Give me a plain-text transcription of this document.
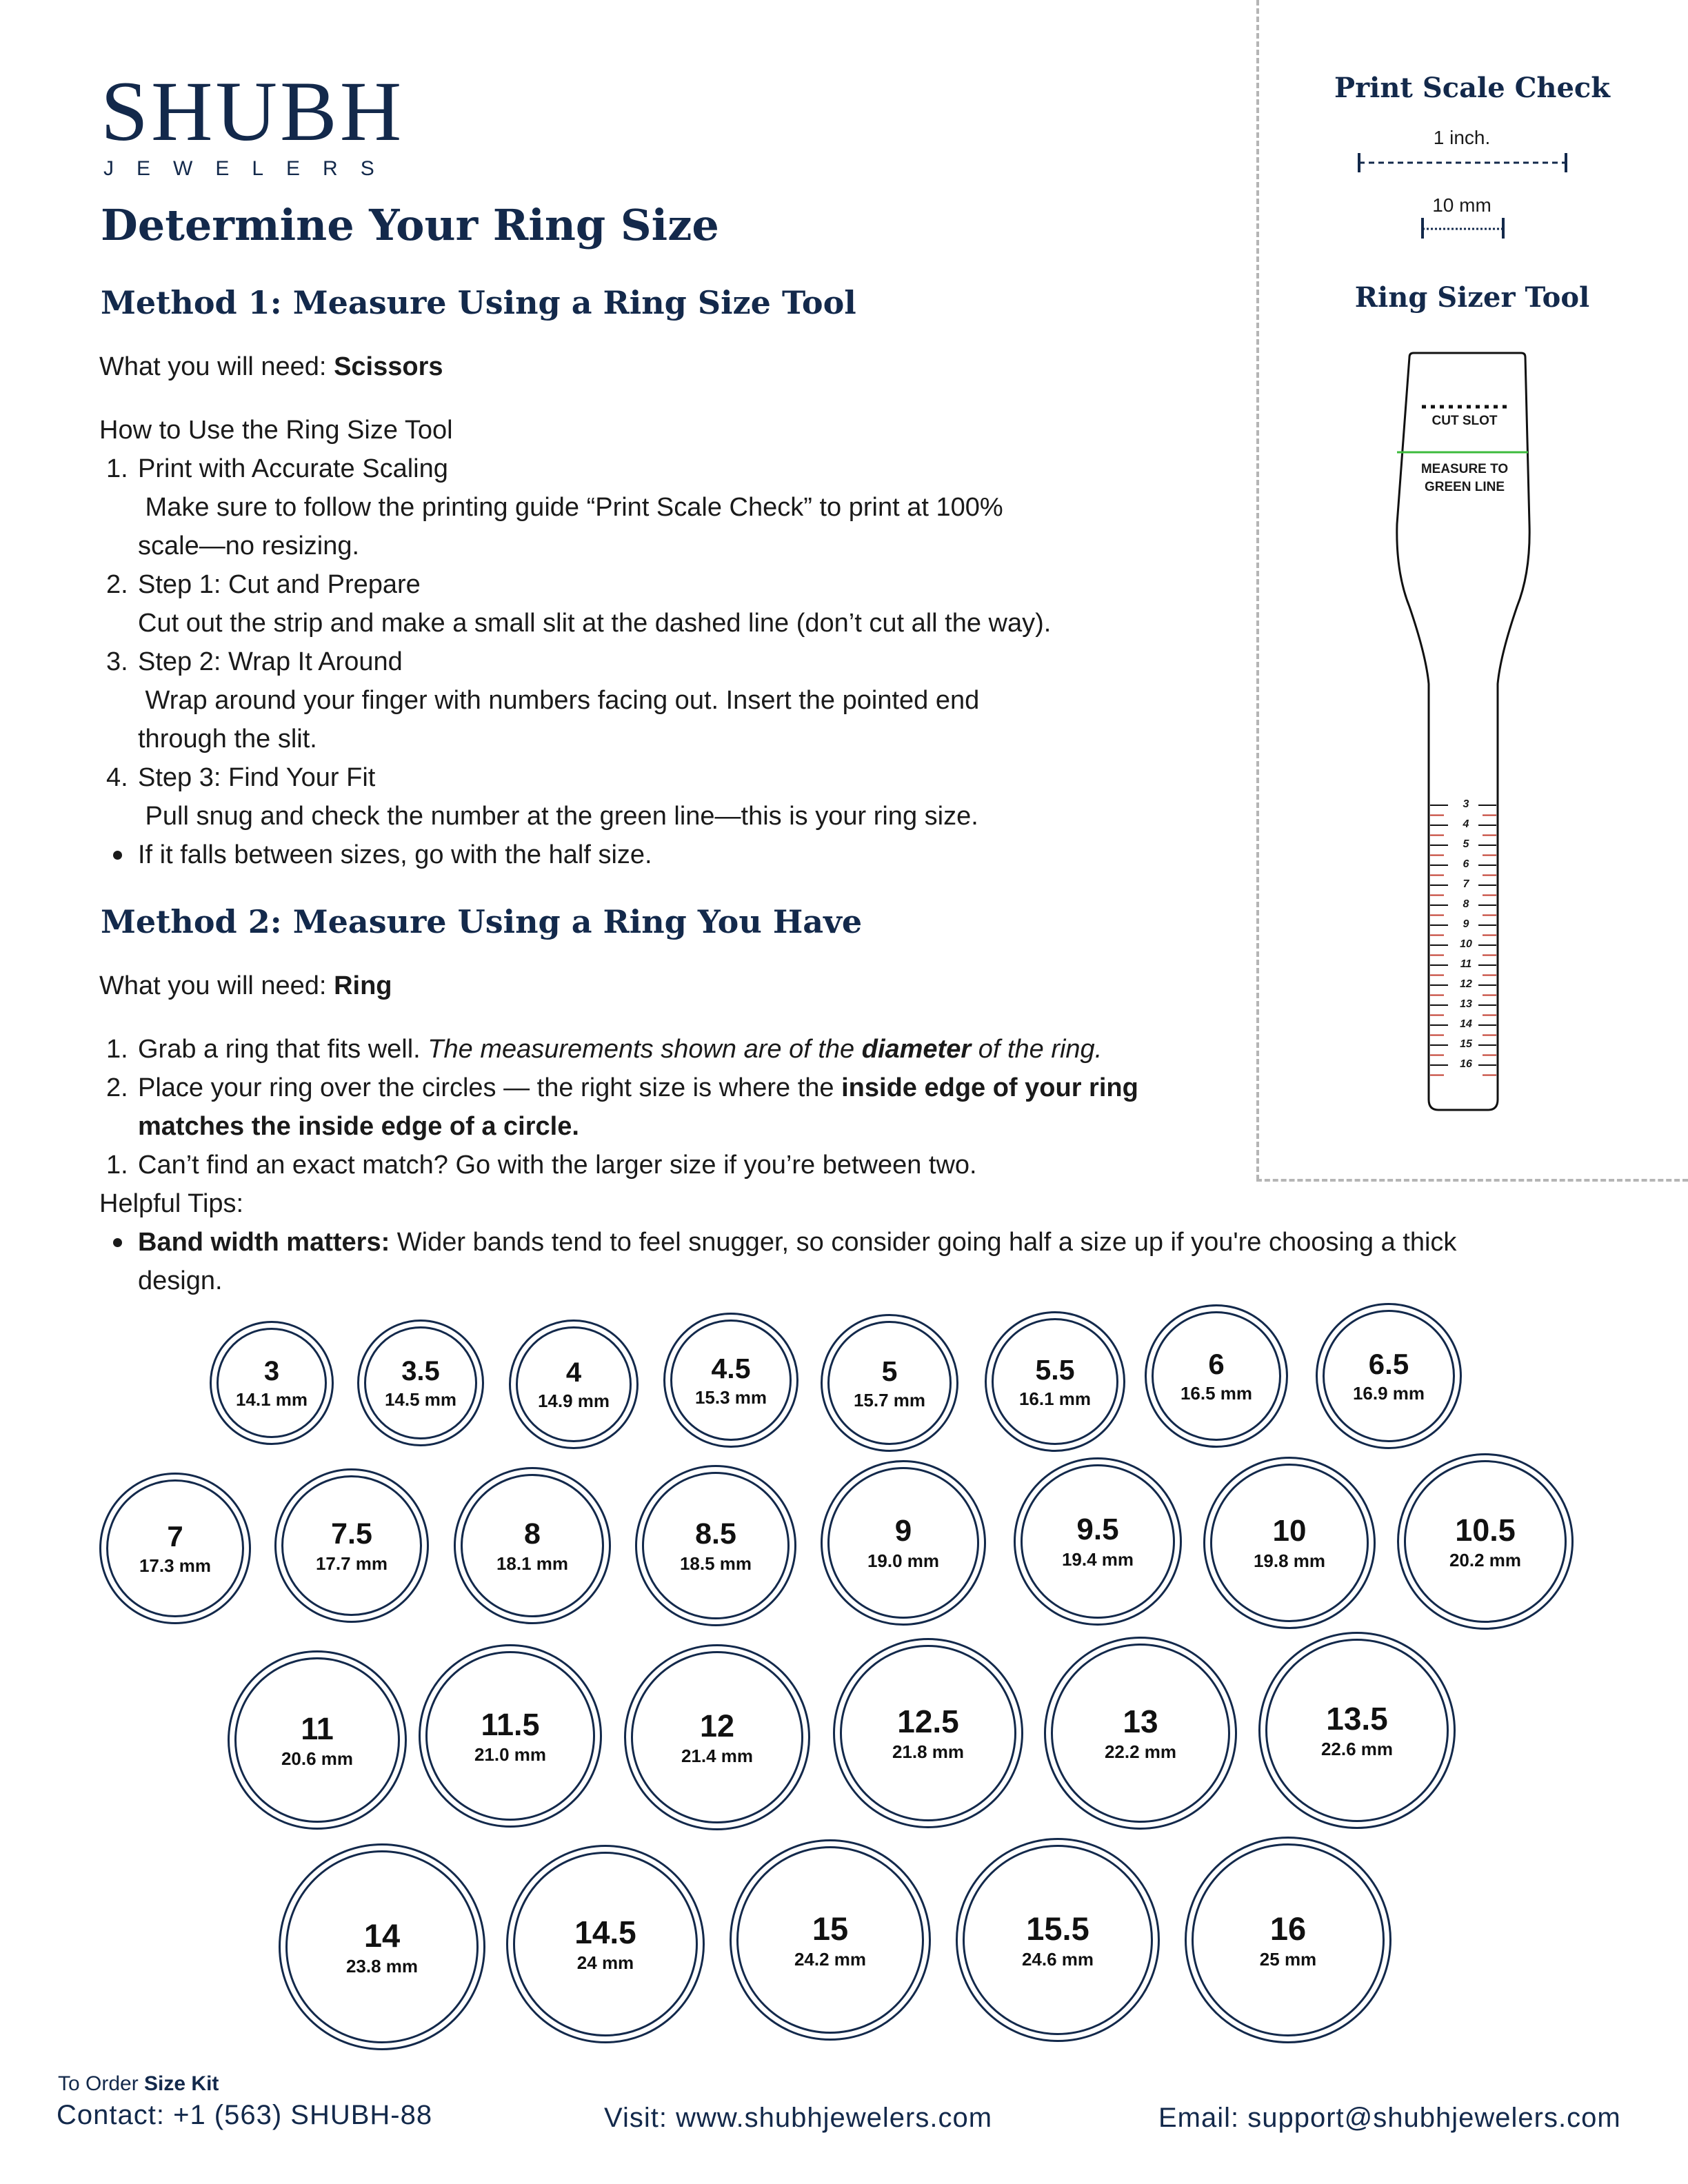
SHUBH
JEWELERS
Determine Your Ring Size
Method 1: Measure Using a Ring Size Tool
What you will need: Scissors
How to Use the Ring Size Tool
1. Print with Accurate Scaling
Make sure to follow the printing guide “Print Scale Check” to print at 100%
scale—no resizing.
2. Step 1: Cut and Prepare
Cut out the strip and make a small slit at the dashed line (don’t cut all the way).
3. Step 2: Wrap It Around
Wrap around your finger with numbers facing out. Insert the pointed end
through the slit.
4. Step 3: Find Your Fit
Pull snug and check the number at the green line—this is your ring size.
If it falls between sizes, go with the half size.
Method 2: Measure Using a Ring You Have
What you will need: Ring
1. Grab a ring that fits well. The measurements shown are of the diameter of the ring.
2. Place your ring over the circles — the right size is where the inside edge of your ring
matches the inside edge of a circle.
1. Can’t find an exact match? Go with the larger size if you’re between two.
Helpful Tips:
Band width matters: Wider bands tend to feel snugger, so consider going half a size up if you're choosing a thick
design.
Print Scale Check
1 inch.
10 mm
Ring Sizer Tool
CUT SLOT
MEASURE TO
GREEN LINE
3
4
5
6
7
8
9
10
11
12
13
14
15
16
3
14.1 mm
3.5
14.5 mm
4
14.9 mm
4.5
15.3 mm
5
15.7 mm
5.5
16.1 mm
6
16.5 mm
6.5
16.9 mm
7
17.3 mm
7.5
17.7 mm
8
18.1 mm
8.5
18.5 mm
9
19.0 mm
9.5
19.4 mm
10
19.8 mm
10.5
20.2 mm
11
20.6 mm
11.5
21.0 mm
12
21.4 mm
12.5
21.8 mm
13
22.2 mm
13.5
22.6 mm
14
23.8 mm
14.5
24 mm
15
24.2 mm
15.5
24.6 mm
16
25 mm
To Order Size Kit
Contact: +1 (563) SHUBH-88	Visit: www.shubhjewelers.com	Email: support@shubhjewelers.com
